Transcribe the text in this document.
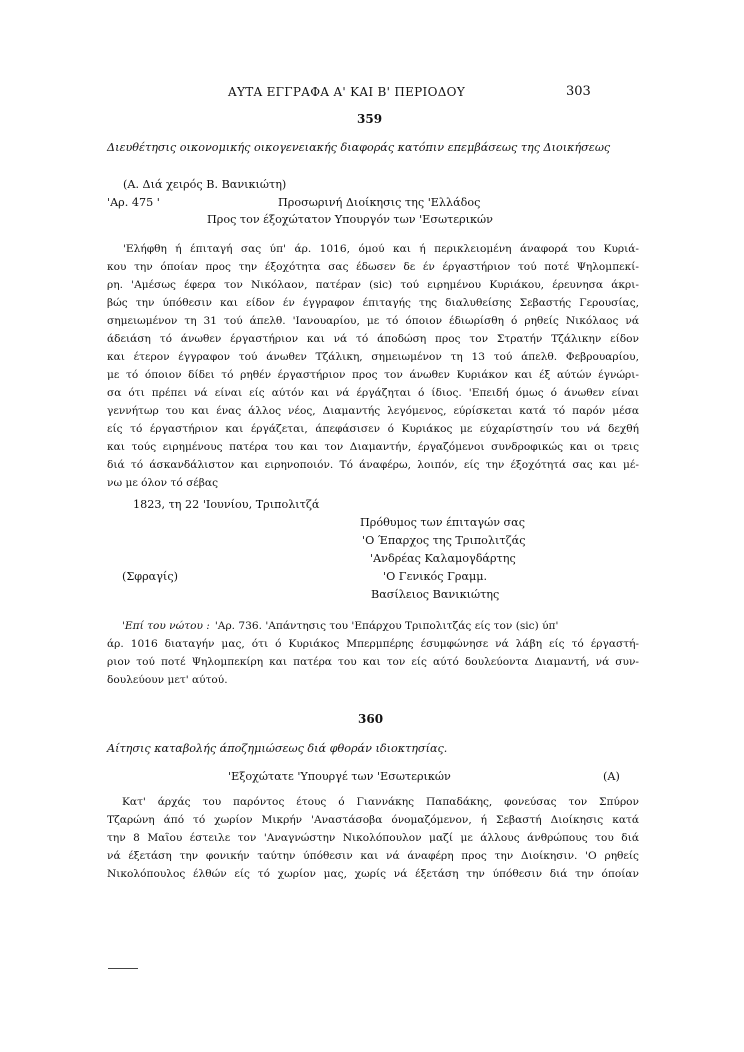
ΑΥΤΑ ΕΓΓΡΑΦΑ Α' ΚΑΙ Β' ΠΕΡΙΟΔΟΥ	303
359
Διευθέτησις οικονομικής οικογενειακής διαφοράς κατόπιν επεμβάσεως της Διοικήσεως
(Α. Διά χειρός Β. Βανικιώτη)
'Αρ. 475 '	Προσωρινή Διοίκησις της 'Ελλάδος
Προς τον έξοχώτατον Υπουργόν των 'Εσωτερικών
'Ελήφθη ή έπιταγή σας ύπ' άρ. 1016, όμού και ή περικλειομένη άναφορά του Κυριά-
κου την όποίαν προς την έξοχότητα σας έδωσεν δε έν έργαστήριον τού ποτέ Ψηλομπεκί-
ρη. 'Αμέσως έφερα τον Νικόλαον, πατέραν (sic) τού ειρημένου Κυριάκου, έρευνησα άκρι-
βώς την ύπόθεσιν και είδον έν έγγραφον έπιταγής της διαλυθείσης Σεβαστής Γερουσίας,
σημειωμένον τη 31 τού άπελθ. 'Ιανουαρίου, με τό όποιον έδιωρίσθη ό ρηθείς Νικόλαος νά
άδειάση τό άνωθεν έργαστήριον και νά τό άποδώση προς τον Στρατήν Τζάλικην είδον
και έτερον έγγραφον τού άνωθεν Τζάλικη, σημειωμένον τη 13 τού άπελθ. Φεβρουαρίου,
με τό όποιον δίδει τό ρηθέν έργαστήριον προς τον άνωθεν Κυριάκον και έξ αύτών έγνώρι-
σα ότι πρέπει νά είναι είς αύτόν και νά έργάζηται ό ίδιος. 'Επειδή όμως ό άνωθεν είναι
γεννήτωρ του και ένας άλλος νέος, Διαμαντής λεγόμενος, εύρίσκεται κατά τό παρόν μέσα
είς τό έργαστήριον και έργάζεται, άπεφάσισεν ό Κυριάκος με εύχαρίστησίν του νά δεχθή
και τούς ειρημένους πατέρα του και τον Διαμαντήν, έργαζόμενοι συνδροφικώς και οι τρεις
διά τό άσκανδάλιστον και ειρηνοποιόν. Τό άναφέρω, λοιπόν, είς την έξοχότητά σας και μέ-
νω με όλον τό σέβας
1823, τη 22 'Ιουνίου, Τριπολιτζά
Πρόθυμος των έπιταγών σας
'Ο Έπαρχος της Τριπολιτζάς
'Ανδρέας Καλαμογδάρτης
(Σφραγίς)	'Ο Γενικός Γραμμ.
Βασίλειος Βανικιώτης
'Επί του νώτου : 'Αρ. 736. 'Απάντησις του 'Επάρχου Τριπολιτζάς είς τον (sic) ύπ'
άρ. 1016 διαταγήν μας, ότι ό Κυριάκος Μπερμπέρης έσυμφώνησε νά λάβη είς τό έργαστή-
ριον τού ποτέ Ψηλομπεκίρη και πατέρα του και τον είς αύτό δουλεύοντα Διαμαντή, νά συν-
δουλεύουν μετ' αύτού.
360
Αίτησις καταβολής άποζημιώσεως διά φθοράν ιδιοκτησίας.
'Εξοχώτατε 'Υπουργέ των 'Εσωτερικών	(Α)
Κατ' άρχάς του παρόντος έτους ό Γιαννάκης Παπαδάκης, φονεύσας τον Σπύρον
Τζαρώνη άπό τό χωρίον Μικρήν 'Αναστάσοβα όνομαζόμενον, ή Σεβαστή Διοίκησις κατά
την 8 Μαΐου έστειλε τον 'Αναγνώστην Νικολόπουλον μαζί με άλλους άνθρώπους του διά
νά έξετάση την φονικήν ταύτην ύπόθεσιν και νά άναφέρη προς την Διοίκησιν. 'Ο ρηθείς
Νικολόπουλος έλθών είς τό χωρίον μας, χωρίς νά έξετάση την ύπόθεσιν διά την όποίαν
